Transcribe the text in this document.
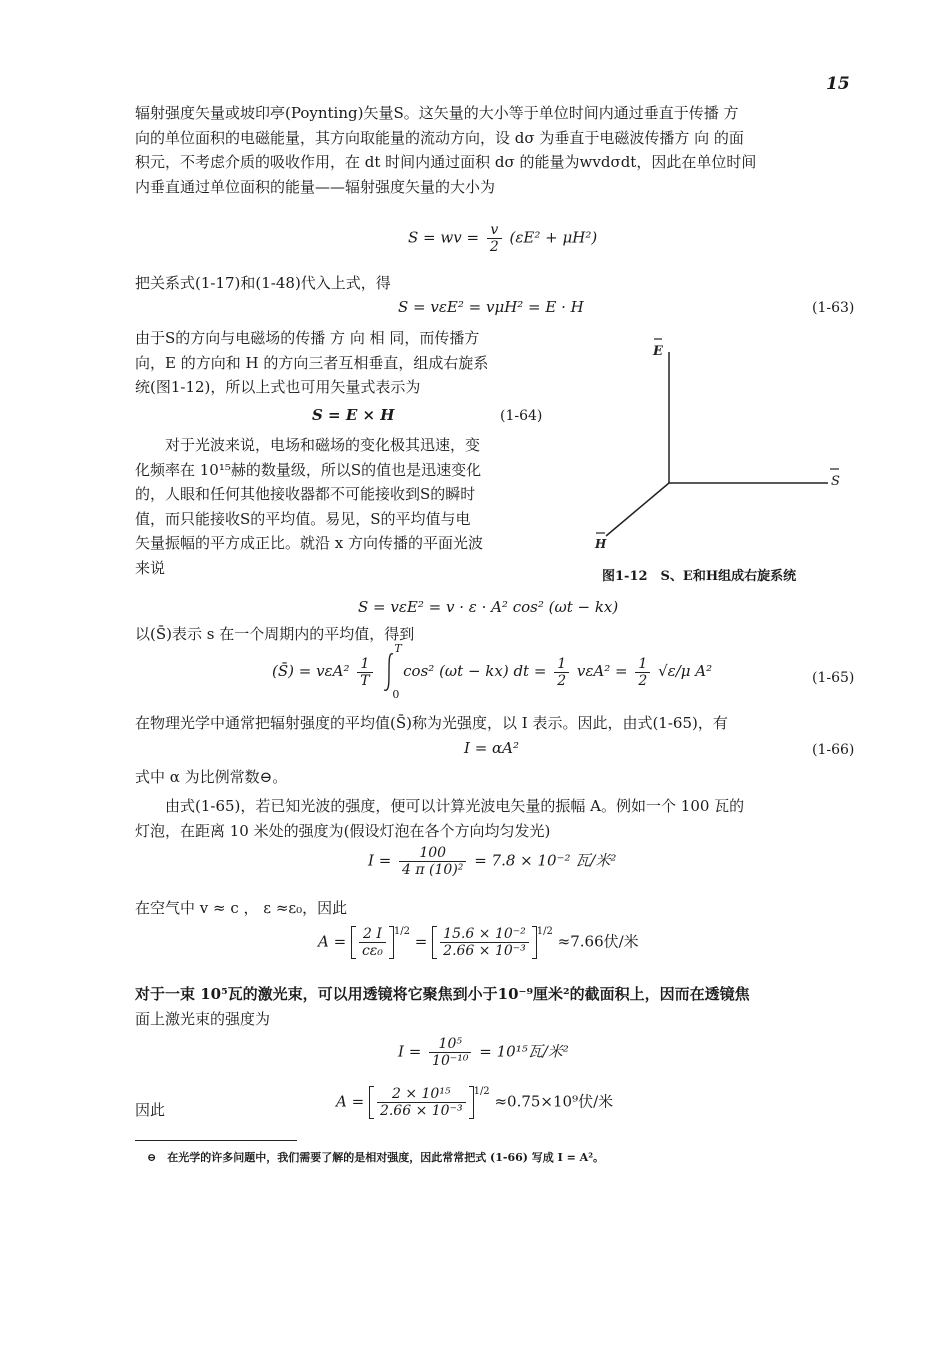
15
辐射强度矢量或坡印亭(Poynting)矢量S。这矢量的大小等于单位时间内通过垂直于传播 方
向的单位面积的电磁能量，其方向取能量的流动方向，设 dσ 为垂直于电磁波传播方 向 的面
积元，不考虑介质的吸收作用，在 dt 时间内通过面积 dσ 的能量为wvdσdt，因此在单位时间
内垂直通过单位面积的能量——辐射强度矢量的大小为
S = wv = $\frac{v}{2} (\varepsilon E^2 + \mu H^2)$
把关系式(1-17)和(1-48)代入上式，得
S = vεE² = vμH² = E · H	(1-63)
由于S的方向与电磁场的传播 方 向 相 同，而传播方
向，E 的方向和 H 的方向三者互相垂直，组成右旋系
统(图1-12)，所以上式也可用矢量式表示为
S = E × H	(1-64)
　　对于光波来说，电场和磁场的变化极其迅速，变
化频率在 10¹⁵赫的数量级，所以S的值也是迅速变化
的，人眼和任何其他接收器都不可能接收到S的瞬时
值，而只能接收S的平均值。易见，S的平均值与电
矢量振幅的平方成正比。就沿 x 方向传播的平面光波
来说
E
S
H
图1-12　S、E和H组成右旋系统
S = vεE² = v · ε · A² cos² (ωt − kx)
以(S̄)表示 s 在一个周期内的平均值，得到
(S̄) = $v\varepsilon A^2 \frac{1}{T}$

T
0
cos² (ωt − kx) dt = $\frac{1}{2} v\varepsilon A^2 = \frac{1}{2} √\varepsilon/\mu$ A²	(1-65)
在物理光学中通常把辐射强度的平均值(S̄)称为光强度，以 I 表示。因此，由式(1-65)，有
I = αA²	(1-66)
式中 α 为比例常数⊖。
　　由式(1-65)，若已知光波的强度，便可以计算光波电矢量的振幅 A。例如一个 100 瓦的
灯泡，在距离 10 米处的强度为(假设灯泡在各个方向均匀发光)
$I = \frac{100}{\text{4 π (10)²}} = 7.8 \times 10^{-2}$ 瓦/米²
在空气中 v ≈ c ， ε ≈ε₀，因此
$A = \frac{2 I}{\text{cε₀}} ^{1/2} = \frac{\text{15.6 × 10⁻²}}{\text{2.66 × 10⁻³}} ^{1/2} \approx 7.66$伏/米
对于一束 10⁵瓦的激光束，可以用透镜将它聚焦到小于10⁻⁹厘米²的截面积上，因而在透镜焦
面上激光束的强度为
$I = \frac{\text{10⁵}}{\text{10⁻¹⁰}} = 10^{15}$瓦/米²
因此	$A = \frac{\text{2 × 10¹⁵}}{\text{2.66 × 10⁻³}} ^{1/2} \approx 0.75\times 10^9$伏/米
⊖　在光学的许多问题中，我们需要了解的是相对强度，因此常常把式 (1-66) 写成 I = A²。
